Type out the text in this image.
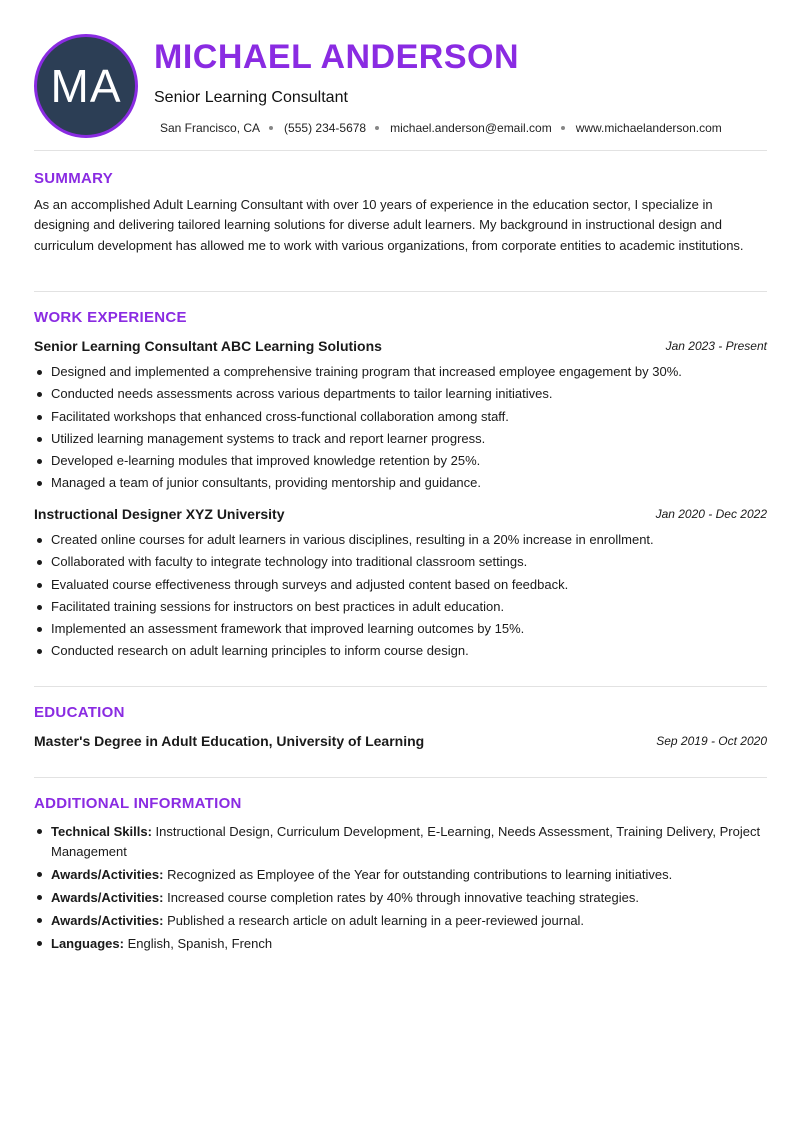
MA
MICHAEL ANDERSON
Senior Learning Consultant
San Francisco, CA (555) 234-5678 michael.anderson@email.com www.michaelanderson.com
SUMMARY
As an accomplished Adult Learning Consultant with over 10 years of experience in the education sector, I specialize in designing and delivering tailored learning solutions for diverse adult learners. My background in instructional design and curriculum development has allowed me to work with various organizations, from corporate entities to academic institutions.
WORK EXPERIENCE
Senior Learning Consultant ABC Learning Solutions	Jan 2023 - Present
Designed and implemented a comprehensive training program that increased employee engagement by 30%.
Conducted needs assessments across various departments to tailor learning initiatives.
Facilitated workshops that enhanced cross-functional collaboration among staff.
Utilized learning management systems to track and report learner progress.
Developed e-learning modules that improved knowledge retention by 25%.
Managed a team of junior consultants, providing mentorship and guidance.
Instructional Designer XYZ University	Jan 2020 - Dec 2022
Created online courses for adult learners in various disciplines, resulting in a 20% increase in enrollment.
Collaborated with faculty to integrate technology into traditional classroom settings.
Evaluated course effectiveness through surveys and adjusted content based on feedback.
Facilitated training sessions for instructors on best practices in adult education.
Implemented an assessment framework that improved learning outcomes by 15%.
Conducted research on adult learning principles to inform course design.
EDUCATION
Master's Degree in Adult Education, University of Learning	Sep 2019 - Oct 2020
ADDITIONAL INFORMATION
Technical Skills: Instructional Design, Curriculum Development, E-Learning, Needs Assessment, Training Delivery, Project Management
Awards/Activities: Recognized as Employee of the Year for outstanding contributions to learning initiatives.
Awards/Activities: Increased course completion rates by 40% through innovative teaching strategies.
Awards/Activities: Published a research article on adult learning in a peer-reviewed journal.
Languages: English, Spanish, French
